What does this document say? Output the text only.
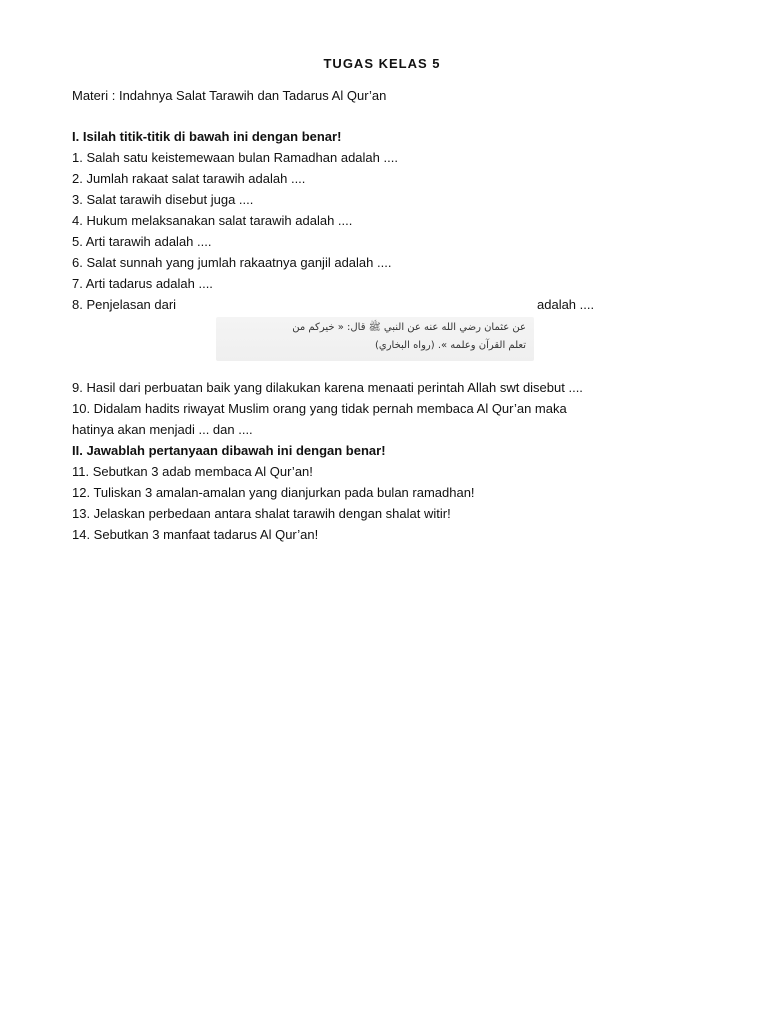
TUGAS KELAS 5
Materi : Indahnya Salat Tarawih dan Tadarus Al Qur’an
I. Isilah titik-titik di bawah ini dengan benar!
1. Salah satu keistemewaan bulan Ramadhan adalah ....
2. Jumlah rakaat salat tarawih adalah ....
3. Salat tarawih disebut juga ....
4. Hukum melaksanakan salat tarawih adalah ....
5. Arti tarawih adalah ....
6. Salat sunnah yang jumlah rakaatnya ganjil adalah ....
7. Arti tadarus adalah ....
8. Penjelasan dari	adalah ....
عن عثمان رضي الله عنه عن النبي ﷺ قال: « خيركم من
تعلم القرآن وعلمه ». (رواه البخاري)
9. Hasil dari perbuatan baik yang dilakukan karena menaati perintah Allah swt disebut ....
10. Didalam hadits riwayat Muslim orang yang tidak pernah membaca Al Qur’an maka
hatinya akan menjadi ... dan ....
II. Jawablah pertanyaan dibawah ini dengan benar!
11. Sebutkan 3 adab membaca Al Qur’an!
12. Tuliskan 3 amalan-amalan yang dianjurkan pada bulan ramadhan!
13. Jelaskan perbedaan antara shalat tarawih dengan shalat witir!
14. Sebutkan 3 manfaat tadarus Al Qur’an!
